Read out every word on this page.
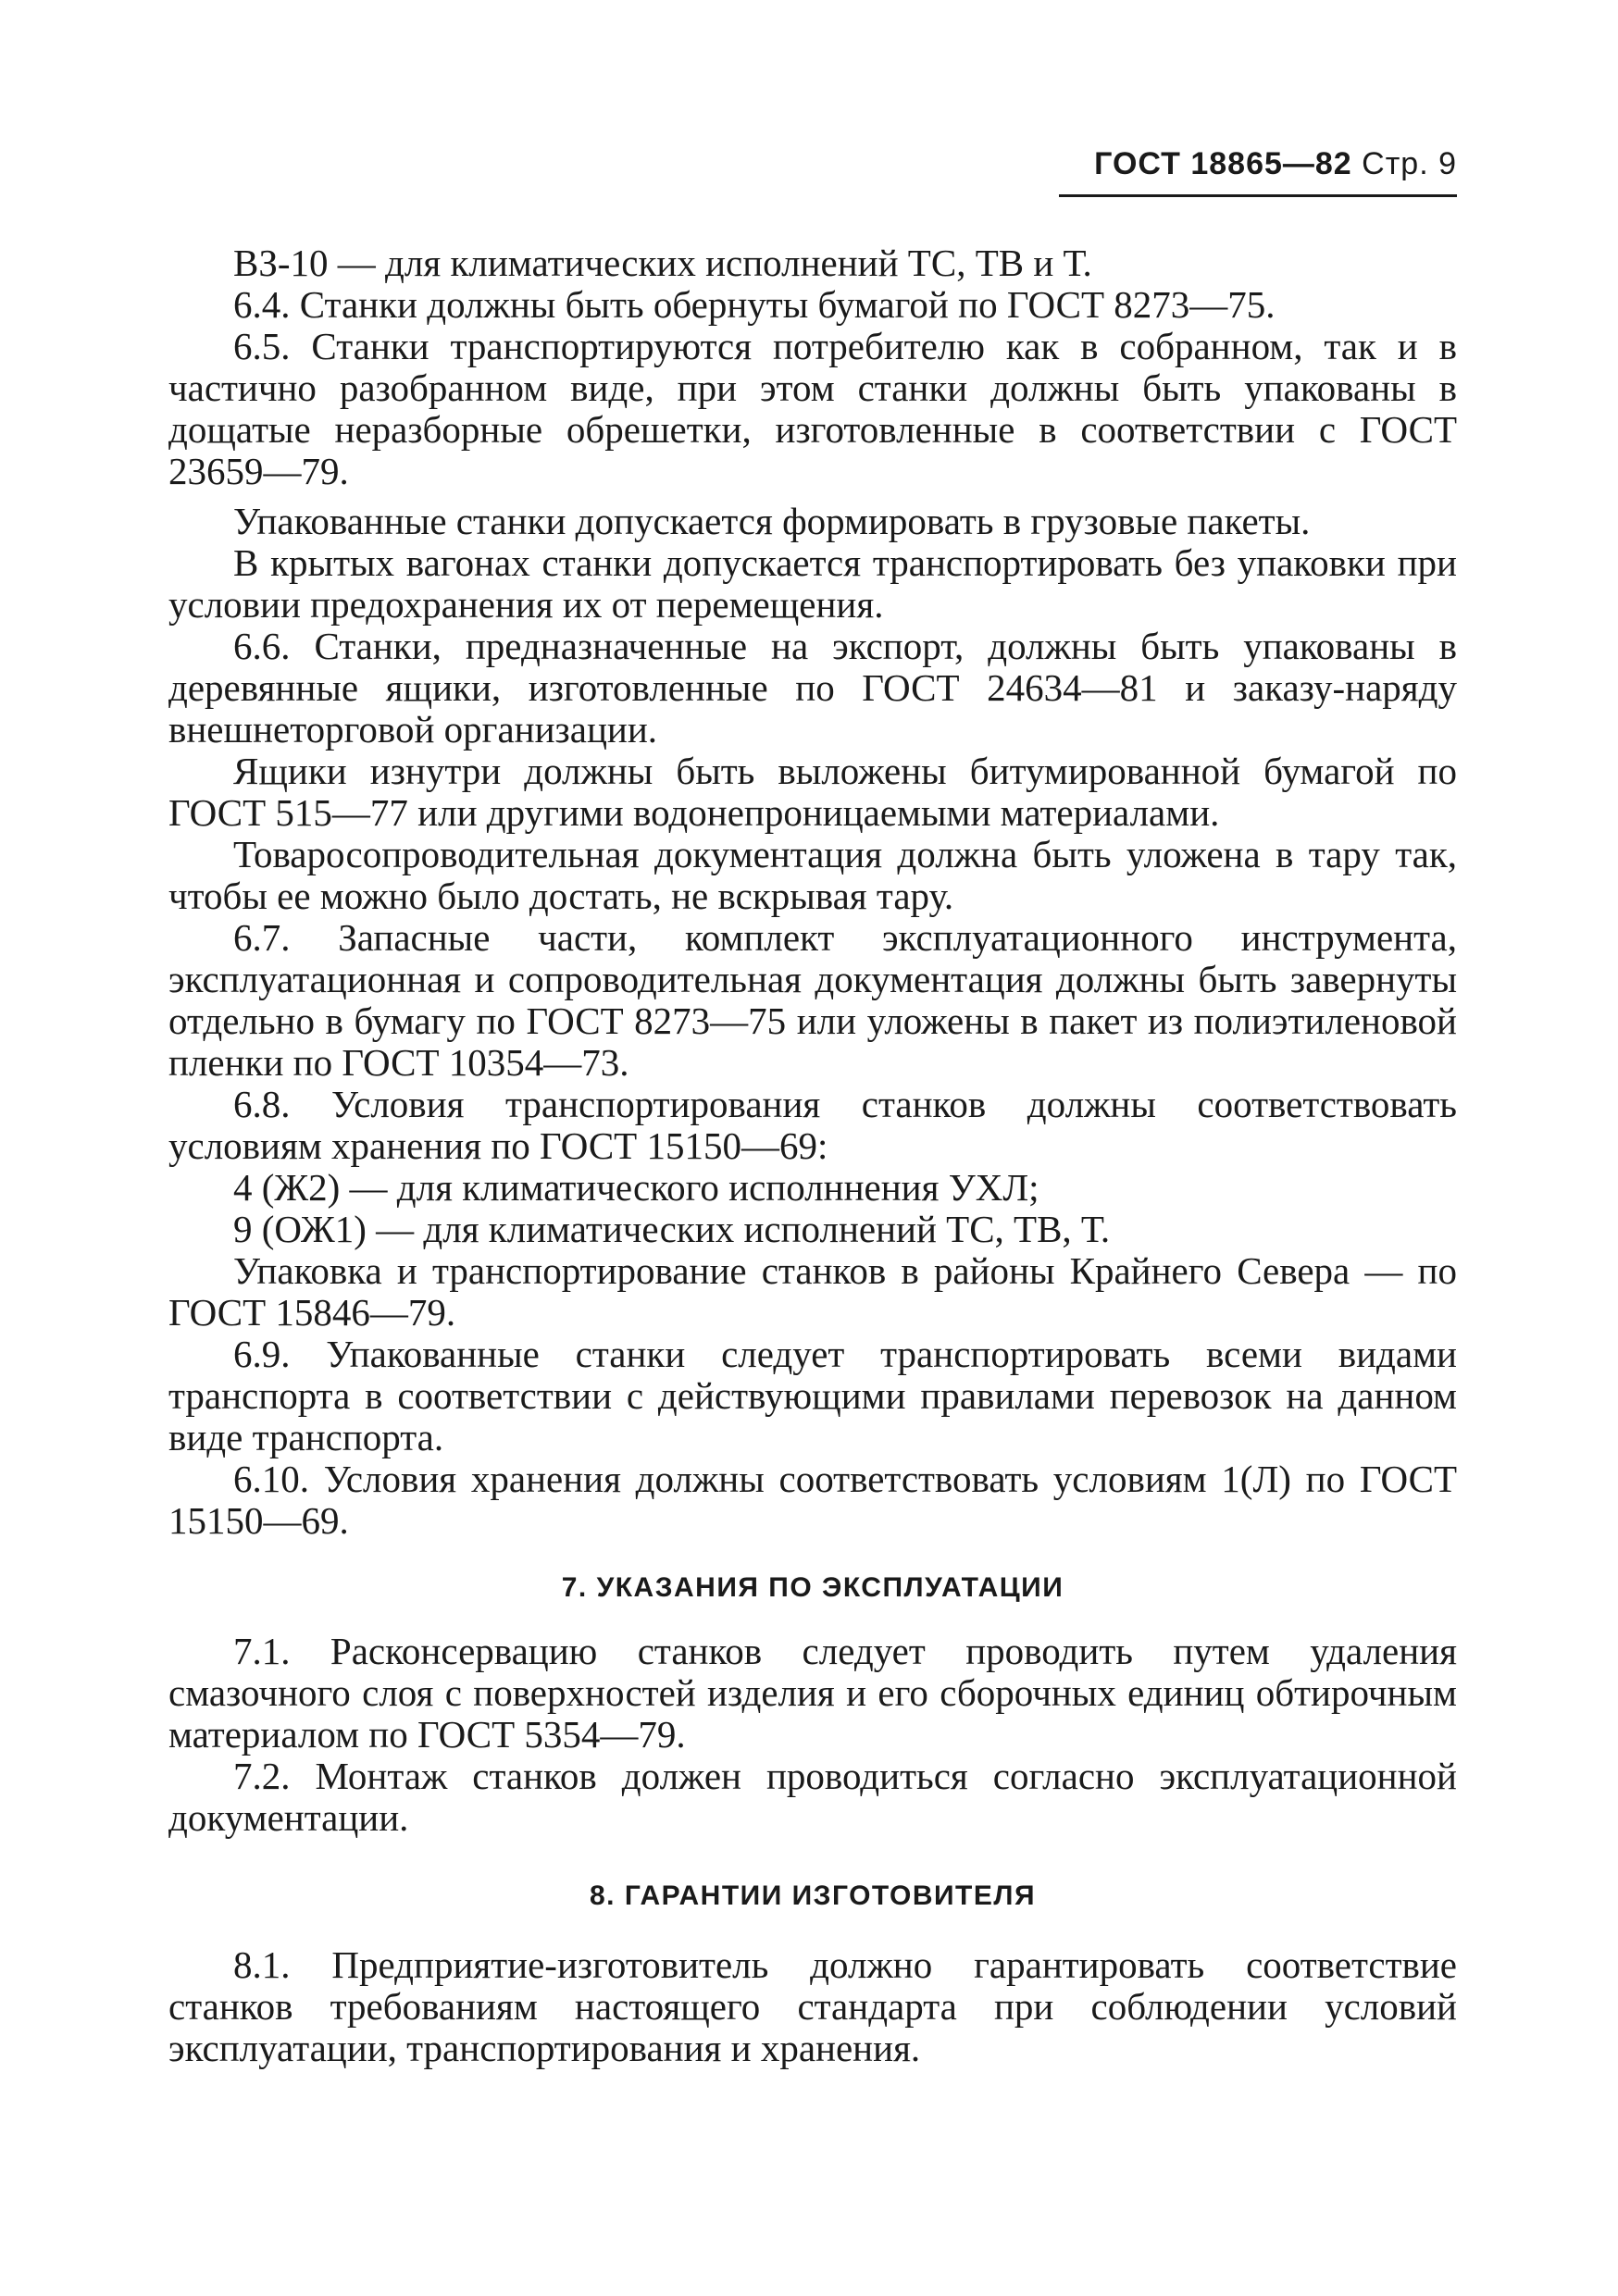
ГОСТ 18865—82 Стр. 9

ВЗ-10 — для климатических исполнений ТС, ТВ и Т.

6.4. Станки должны быть обернуты бумагой по ГОСТ 8273—75.

6.5. Станки транспортируются потребителю как в собранном, так и в частично разобранном виде, при этом станки должны быть упакованы в дощатые неразборные обрешетки, изготовленные в соответствии с ГОСТ 23659—79.

Упакованные станки допускается формировать в грузовые пакеты.

В крытых вагонах станки допускается транспортировать без упаковки при условии предохранения их от перемещения.

6.6. Станки, предназначенные на экспорт, должны быть упакованы в деревянные ящики, изготовленные по ГОСТ 24634—81 и заказу-наряду внешнеторговой организации.

Ящики изнутри должны быть выложены битумированной бумагой по ГОСТ 515—77 или другими водонепроницаемыми материалами.

Товаросопроводительная документация должна быть уложена в тару так, чтобы ее можно было достать, не вскрывая тару.

6.7. Запасные части, комплект эксплуатационного инструмента, эксплуатационная и сопроводительная документация должны быть завернуты отдельно в бумагу по ГОСТ 8273—75 или уложены в пакет из полиэтиленовой пленки по ГОСТ 10354—73.

6.8. Условия транспортирования станков должны соответствовать условиям хранения по ГОСТ 15150—69:

4 (Ж2) — для климатического исполннения УХЛ;

9 (ОЖ1) — для климатических исполнений ТС, ТВ, Т.

Упаковка и транспортирование станков в районы Крайнего Севера — по ГОСТ 15846—79.

6.9. Упакованные станки следует транспортировать всеми видами транспорта в соответствии с действующими правилами перевозок на данном виде транспорта.

6.10. Условия хранения должны соответствовать условиям 1(Л) по ГОСТ 15150—69.

7. УКАЗАНИЯ ПО ЭКСПЛУАТАЦИИ

7.1. Расконсервацию станков следует проводить путем удаления смазочного слоя с поверхностей изделия и его сборочных единиц обтирочным материалом по ГОСТ 5354—79.

7.2. Монтаж станков должен проводиться согласно эксплуатационной документации.

8. ГАРАНТИИ ИЗГОТОВИТЕЛЯ

8.1. Предприятие-изготовитель должно гарантировать соответствие станков требованиям настоящего стандарта при соблюдении условий эксплуатации, транспортирования и хранения.
